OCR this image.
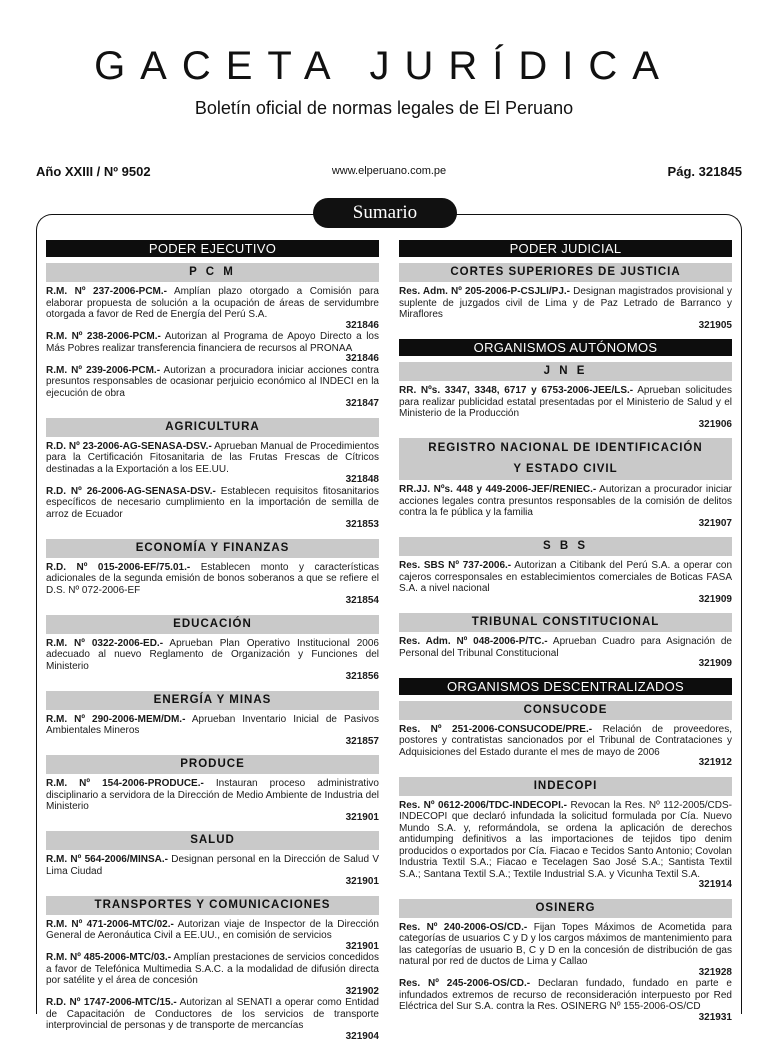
GACETA JURÍDICA
Boletín oficial de normas legales de El Peruano
Año XXIII / Nº 9502	www.elperuano.com.pe	Pág. 321845
Sumario
PODER EJECUTIVO
P C M
R.M. Nº 237-2006-PCM.- Amplían plazo otorgado a Comisión para elaborar propuesta de solución a la ocupación de áreas de servidumbre otorgada a favor de Red de Energía del Perú S.A.
321846
R.M. Nº 238-2006-PCM.- Autorizan al Programa de Apoyo Directo a los Más Pobres realizar transferencia financiera de recursos al PRONAA
321846
R.M. Nº 239-2006-PCM.- Autorizan a procuradora iniciar acciones contra presuntos responsables de ocasionar perjuicio económico al INDECI en la ejecución de obra
321847
AGRICULTURA
R.D. Nº 23-2006-AG-SENASA-DSV.- Aprueban Manual de Procedimientos para la Certificación Fitosanitaria de las Frutas Frescas de Cítricos destinadas a la Exportación a los EE.UU.
321848
R.D. Nº 26-2006-AG-SENASA-DSV.- Establecen requisitos fitosanitarios específicos de necesario cumplimiento en la importación de semilla de arroz de Ecuador
321853
ECONOMÍA Y FINANZAS
R.D. Nº 015-2006-EF/75.01.- Establecen monto y características adicionales de la segunda emisión de bonos soberanos a que se refiere el D.S. Nº 072-2006-EF
321854
EDUCACIÓN
R.M. Nº 0322-2006-ED.- Aprueban Plan Operativo Institucional 2006 adecuado al nuevo Reglamento de Organización y Funciones del Ministerio
321856
ENERGÍA Y MINAS
R.M. Nº 290-2006-MEM/DM.- Aprueban Inventario Inicial de Pasivos Ambientales Mineros
321857
PRODUCE
R.M. Nº 154-2006-PRODUCE.- Instauran proceso administrativo disciplinario a servidora de la Dirección de Medio Ambiente de Industria del Ministerio
321901
SALUD
R.M. Nº 564-2006/MINSA.- Designan personal en la Dirección de Salud V Lima Ciudad
321901
TRANSPORTES Y COMUNICACIONES
R.M. Nº 471-2006-MTC/02.- Autorizan viaje de Inspector de la Dirección General de Aeronáutica Civil a EE.UU., en comisión de servicios
321901
R.M. Nº 485-2006-MTC/03.- Amplían prestaciones de servicios concedidos a favor de Telefónica Multimedia S.A.C. a la modalidad de difusión directa por satélite y el área de concesión
321902
R.D. Nº 1747-2006-MTC/15.- Autorizan al SENATI a operar como Entidad de Capacitación de Conductores de los servicios de transporte interprovincial de personas y de transporte de mercancías
321904
PODER JUDICIAL
CORTES SUPERIORES DE JUSTICIA
Res. Adm. Nº 205-2006-P-CSJLI/PJ.- Designan magistrados provisional y suplente de juzgados civil de Lima y de Paz Letrado de Barranco y Miraflores
321905
ORGANISMOS AUTÓNOMOS
J N E
RR. Nºs. 3347, 3348, 6717 y 6753-2006-JEE/LS.- Aprueban solicitudes para realizar publicidad estatal presentadas por el Ministerio de Salud y el Ministerio de la Producción
321906
REGISTRO NACIONAL DE IDENTIFICACIÓN
Y ESTADO CIVIL
RR.JJ. Nºs. 448 y 449-2006-JEF/RENIEC.- Autorizan a procurador iniciar acciones legales contra presuntos responsables de la comisión de delitos contra la fe pública y la familia
321907
S B S
Res. SBS Nº 737-2006.- Autorizan a Citibank del Perú S.A. a operar con cajeros corresponsales en establecimientos comerciales de Boticas FASA S.A. a nivel nacional
321909
TRIBUNAL CONSTITUCIONAL
Res. Adm. Nº 048-2006-P/TC.- Aprueban Cuadro para Asignación de Personal del Tribunal Constitucional
321909
ORGANISMOS DESCENTRALIZADOS
CONSUCODE
Res. Nº 251-2006-CONSUCODE/PRE.- Relación de proveedores, postores y contratistas sancionados por el Tribunal de Contrataciones y Adquisiciones del Estado durante el mes de mayo de 2006
321912
INDECOPI
Res. Nº 0612-2006/TDC-INDECOPI.- Revocan la Res. Nº 112-2005/CDS-INDECOPI que declaró infundada la solicitud formulada por Cía. Nuevo Mundo S.A. y, reformándola, se ordena la aplicación de derechos antidumping definitivos a las importaciones de tejidos tipo denim producidos o exportados por Cía. Fiacao e Tecidos Santo Antonio; Covolan Industria Textil S.A.; Fiacao e Tecelagen Sao José S.A.; Santista Textil S.A.; Santana Textil S.A.; Textile Industrial S.A. y Vicunha Textil S.A.
321914
OSINERG
Res. Nº 240-2006-OS/CD.- Fijan Topes Máximos de Acometida para categorías de usuarios C y D y los cargos máximos de mantenimiento para las categorías de usuario B, C y D en la concesión de distribución de gas natural por red de ductos de Lima y Callao
321928
Res. Nº 245-2006-OS/CD.- Declaran fundado, fundado en parte e infundados extremos de recurso de reconsideración interpuesto por Red Eléctrica del Sur S.A. contra la Res. OSINERG Nº 155-2006-OS/CD
321931
